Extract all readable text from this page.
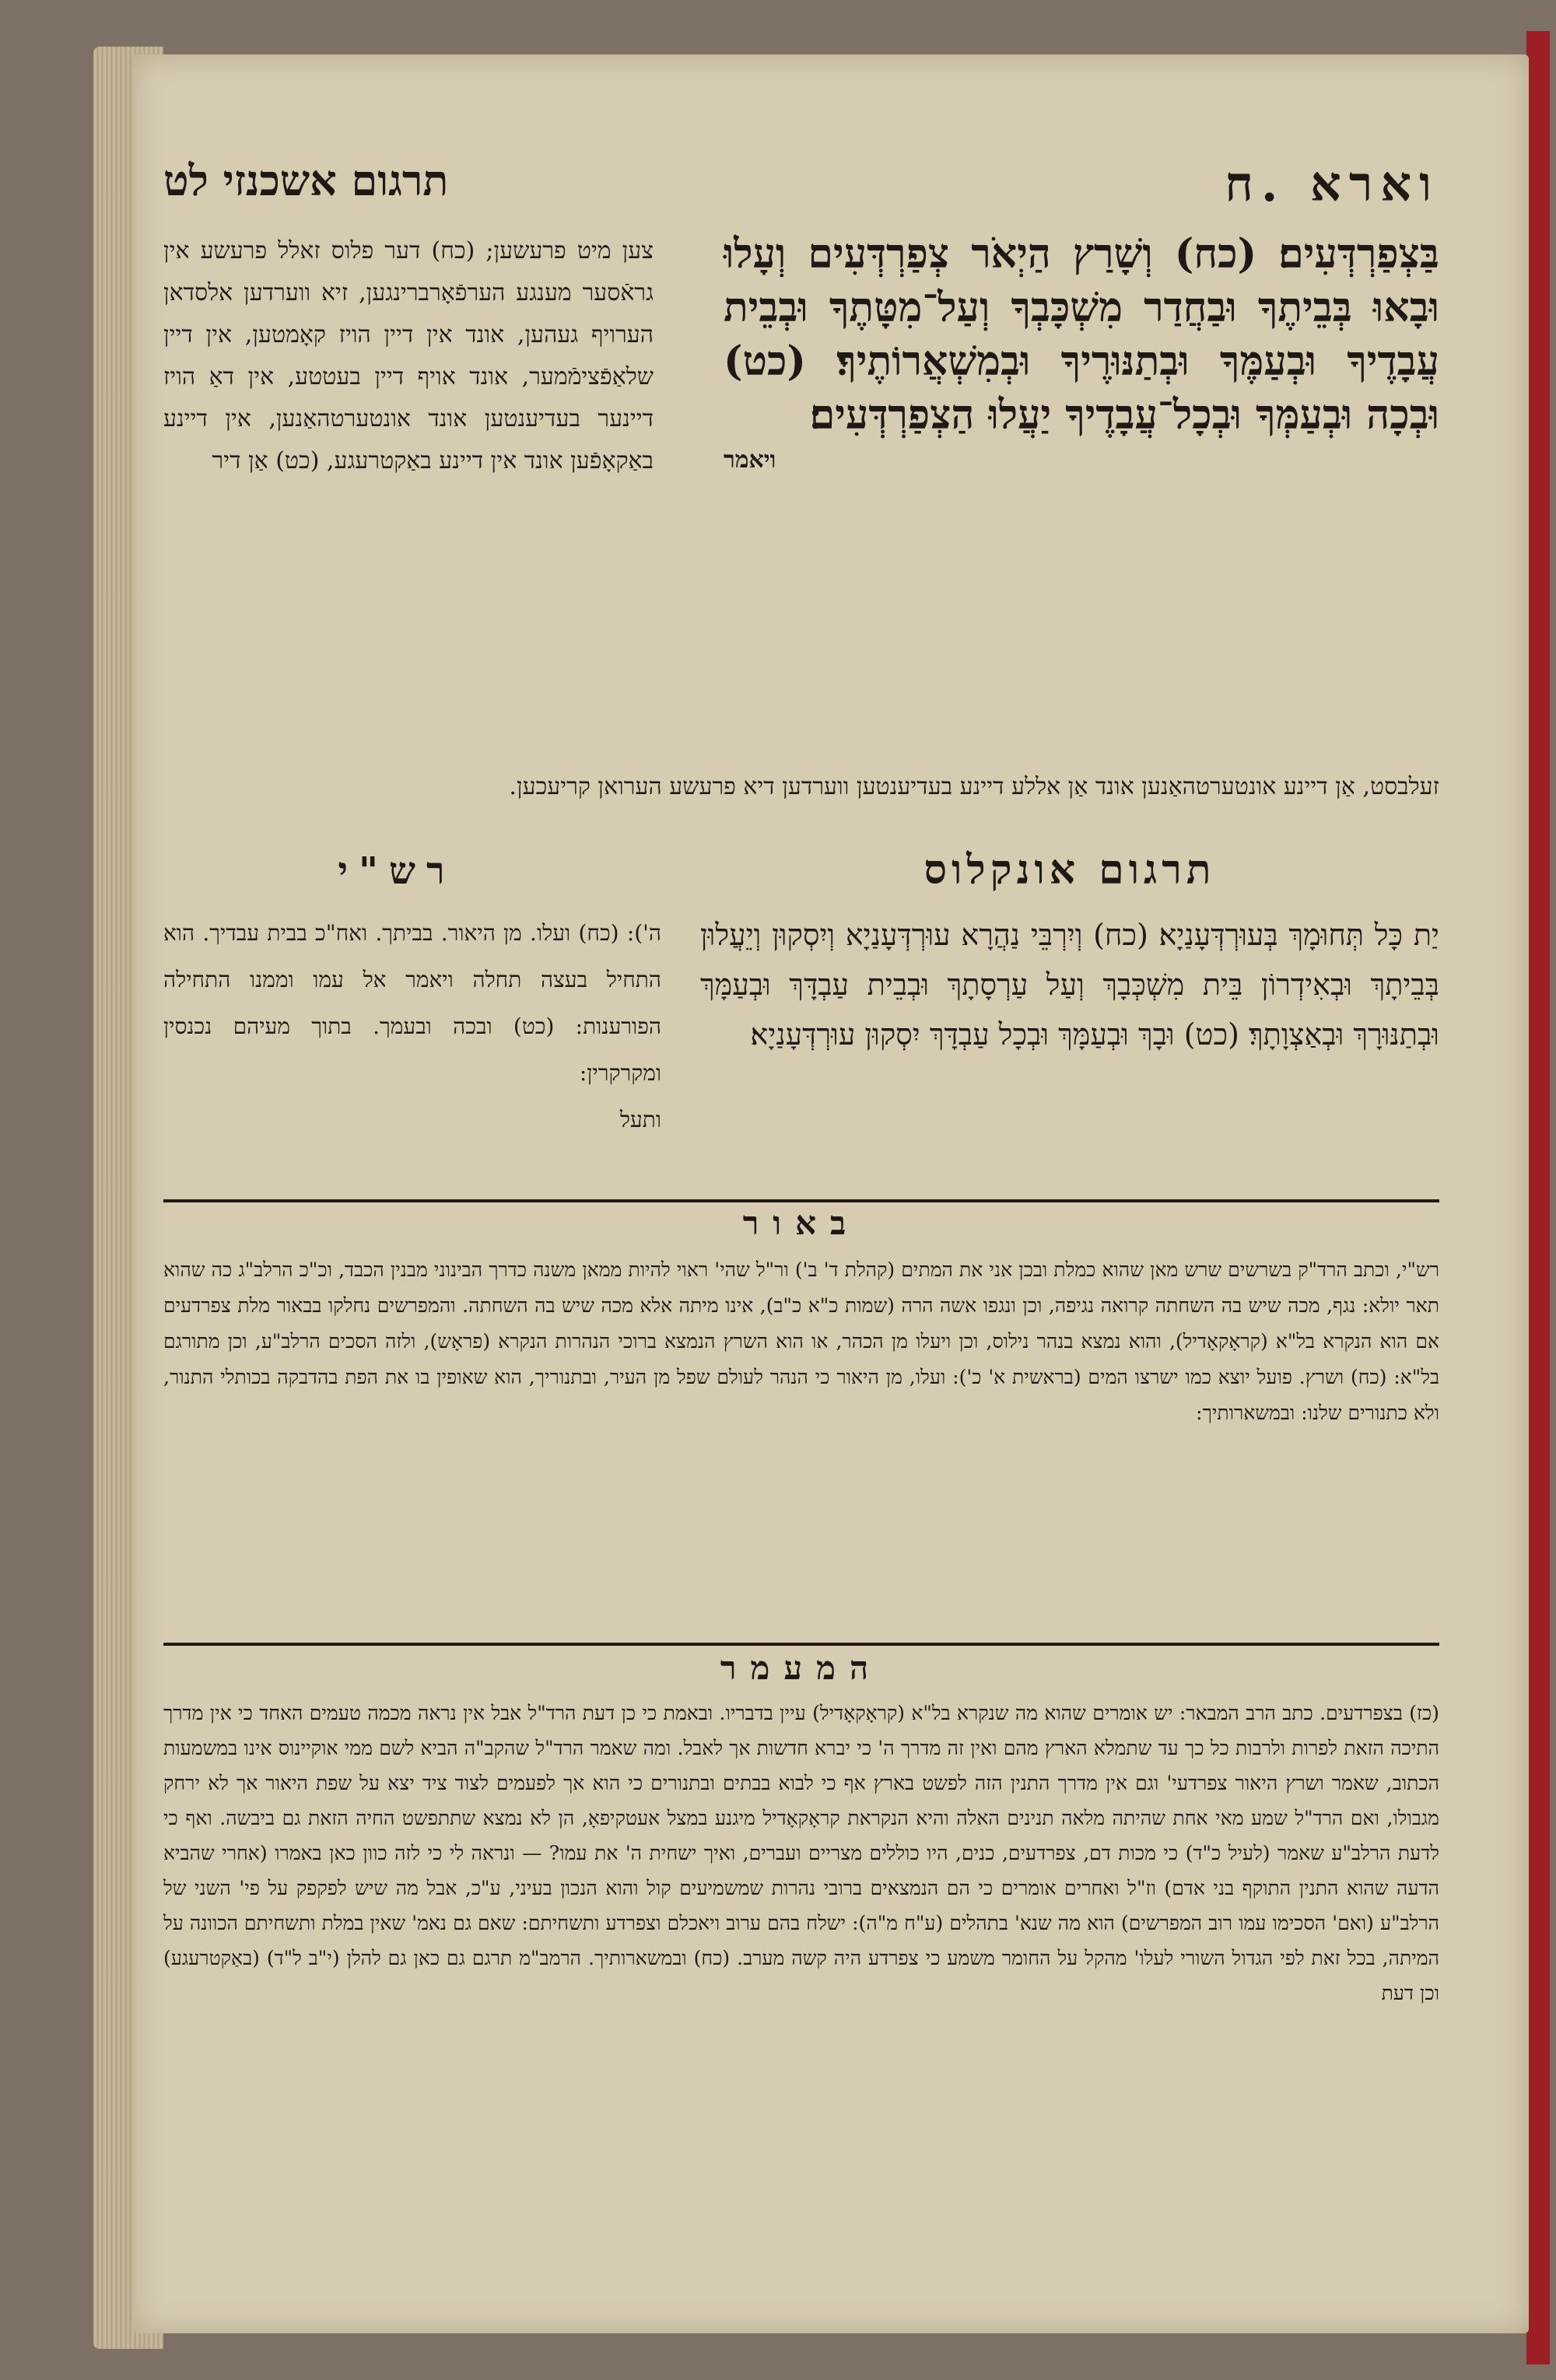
וארא .ח
תרגום אשכנזי לט
בַּצְפַרְדְּעִים׃ (כח) וְשָׁרַץ הַיְאֹר צְפַרְדְּעִים וְעָלוּ וּבָאוּ בְּבֵיתֶךָ וּבַחֲדַר מִשְׁכָּבְךָ וְעַל־מִטָּתֶךָ וּבְבֵית עֲבָדֶיךָ וּבְעַמֶּךָ וּבְתַנּוּרֶיךָ וּבְמִשְׁאֲרוֹתֶיךָ׃ (כט) וּבְכָה וּבְעַמְּךָ וּבְכָל־עֲבָדֶיךָ יַעֲלוּ הַצְפַרְדְּעִים׃
ויאמר
צען מיט פרעשען; (כח) דער פלוס זאלל פרעשע אין גראֿסער מענגע הערפֿאָרברינגען, זיא ווערדען אלסדאן הערויף געהען, אונד אין דיין הויז קאָמטען, אין דיין שלאַפֿצימֿמער, אונד אויף דיין בעטטע, אין דאַ הויז דיינער בעדיענטען אונד אונטערטהאַנען, אין דיינע באַקאָפֿען אונד אין דיינע באַקטרעגע, (כט) אַן דיר
זעלבסט, אַן דיינע אונטערטהאַנען אונד אַן אללע דיינע בעדיענטען ווערדען דיא פרעשע הערואן קריעכען.
תרגום אונקלוס
רש"י
יַת כָּל תְּחוּמָךְ בְּעוּרְדְּעָנַיָא׃ (כח) וְיִרְבֵּי נַהֲרָא עוּרְדְּעָנַיָא וְיִסְקוּן וְיֵעֲלוּן בְּבֵיתָךְ וּבְאִידְרוֹן בֵּית מִשְׁכְּבָךְ וְעַל עַרְסָתָךְ וּבְבֵית עַבְדָּךְ וּבְעַמָּךְ וּבְתַנּוּרָךְ וּבְאַצְוָתָךְ׃ (כט) וּבָךְ וּבְעַמָּךְ וּבְכָל עַבְדָּךְ יִסְקוּן עוּרְדְּעָנַיָא׃
ה'): (כח) ועלו. מן היאור. בביתך. ואח"כ בבית עבדיך. הוא התחיל בעצה תחלה ויאמר אל עמו וממנו התחילה הפורענות: (כט) ובכה ובעמך. בתוך מעיהם נכנסין ומקרקרין:
ותעל
באור
רש"י, וכתב הרד"ק בשרשים שרש מאן שהוא כמלת ובכן אני את המתים (קהלת ד' ב') ור"ל שהי' ראוי להיות ממאן משנה כדרך הבינוני מבנין הכבד, וכ"כ הרלב"ג כה שהוא תאר יולא: נגף, מכה שיש בה השחתה קרואה נגיפה, וכן ונגפו אשה הרה (שמות כ"א כ"ב), אינו מיתה אלא מכה שיש בה השחתה. והמפרשים נחלקו בבאור מלת צפרדעים אם הוא הנקרא בל"א (קראָקאָדיל), והוא נמצא בנהר נילוס, וכן ויעלו מן הכהר, או הוא השרץ הנמצא ברוכי הנהרות הנקרא (פראָש), ולזה הסכים הרלב"ע, וכן מתורגם בל"א: (כח) ושרץ. פועל יוצא כמו ישרצו המים (בראשית א' כ'): ועלו, מן היאור כי הנהר לעולם שפל מן העיר, ובתנוריך, הוא שאופין בו את הפת בהדבקה בכותלי התנור, ולא כתנורים שלנו: ובמשארותיך:
המעמר
(כז) בצפרדעים. כתב הרב המבאר: יש אומרים שהוא מה שנקרא בל"א (קראָקאָדיל) עיין בדבריו. ובאמת כי כן דעת הרד"ל אבל אין נראה מכמה טעמים האחד כי אין מדרך התיכה הזאת לפרות ולרבות כל כך עד שתמלא הארץ מהם ואין זה מדרך ה' כי יברא חדשות אך לאבל. ומה שאמר הרד"ל שהקב"ה הביא לשם ממי אוקיינוס אינו במשמעות הכתוב, שאמר ושרץ היאור צפרדעי' וגם אין מדרך התנין הזה לפשט בארץ אף כי לבוא בבתים ובתנורים כי הוא אך לפעמים לצוד ציד יצא על שפת היאור אך לא ירחק מגבולו, ואם הרד"ל שמע מאי אחת שהיתה מלאה תנינים האלה והיא הנקראת קראָקאָדיל מיגנע במצל אעטקיפאָ, הן לא נמצא שתתפשט החיה הזאת גם ביבשה. ואף כי לדעת הרלב"ע שאמר (לעיל כ"ד) כי מכות דם, צפרדעים, כנים, היו כוללים מצריים ועברים, ואיך ישחית ה' את עמו? — ונראה לי כי לזה כוון כאן באמרו (אחרי שהביא הדעה שהוא התנין התוקף בני אדם) וז"ל ואחרים אומרים כי הם הנמצאים ברובי נהרות שמשמיעים קול והוא הנכון בעיני, ע"כ, אבל מה שיש לפקפק על פי' השני של הרלב"ע (ואם' הסכימו עמו רוב המפרשים) הוא מה שנא' בתהלים (ע"ח מ"ה): ישלח בהם ערוב ויאכלם וצפרדע ותשחיתם: שאם גם נאמ' שאין במלת ותשחיתם הכוונה על המיתה, בכל זאת לפי הגדול השורי לעלו' מהקל על החומר משמע כי צפרדע היה קשה מערב. (כח) ובמשארותיך. הרמב"מ תרגם גם כאן גם להלן (י"ב ל"ד) (באַקטרעגע) וכן דעת
